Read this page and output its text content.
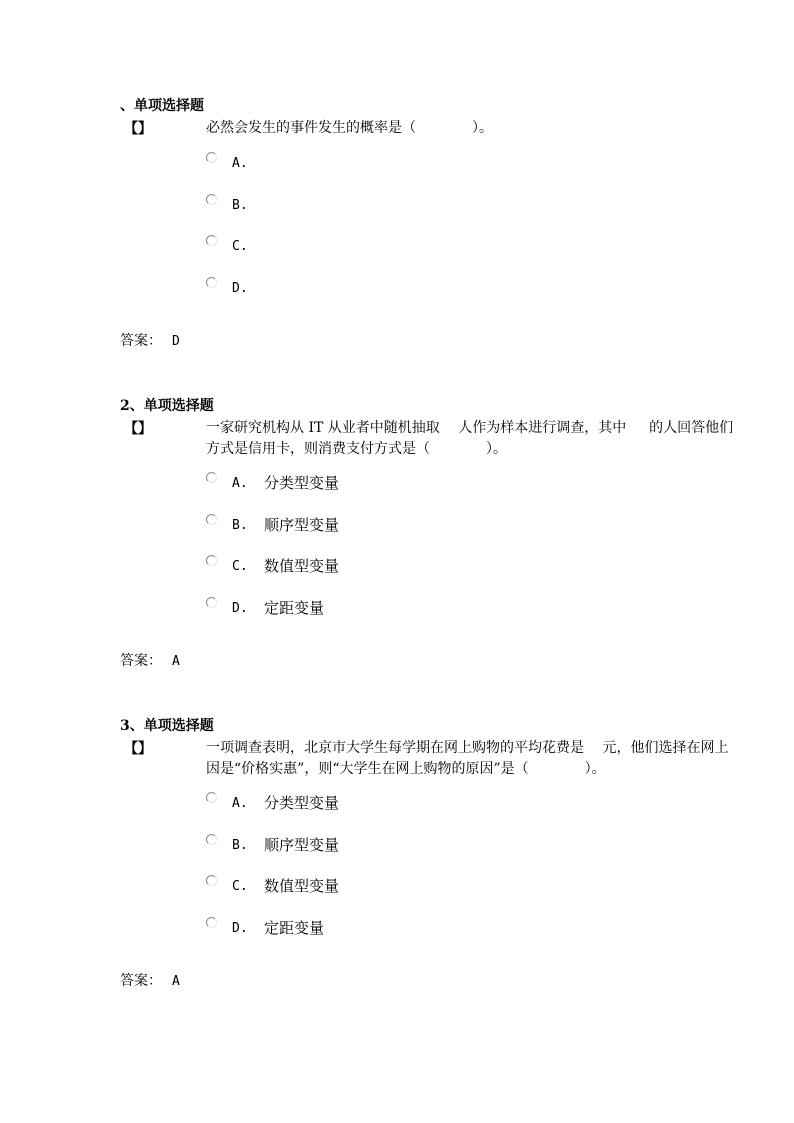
、单项选择题
【】	必然会发生的事件发生的概率是（　　　　）。
A.
B.
C.
D.
答案： D
2、单项选择题
【】	一家研究机构从 IT 从业者中随机抽取　 人作为样本进行调查，其中　  的人回答他们
方式是信用卡，则消费支付方式是（　　　　）。
A. 分类型变量
B. 顺序型变量
C. 数值型变量
D. 定距变量
答案： A
3、单项选择题
【】	一项调查表明，北京市大学生每学期在网上购物的平均花费是　 元，他们选择在网上
因是“价格实惠”，则“大学生在网上购物的原因”是（　　　　）。
A. 分类型变量
B. 顺序型变量
C. 数值型变量
D. 定距变量
答案： A
